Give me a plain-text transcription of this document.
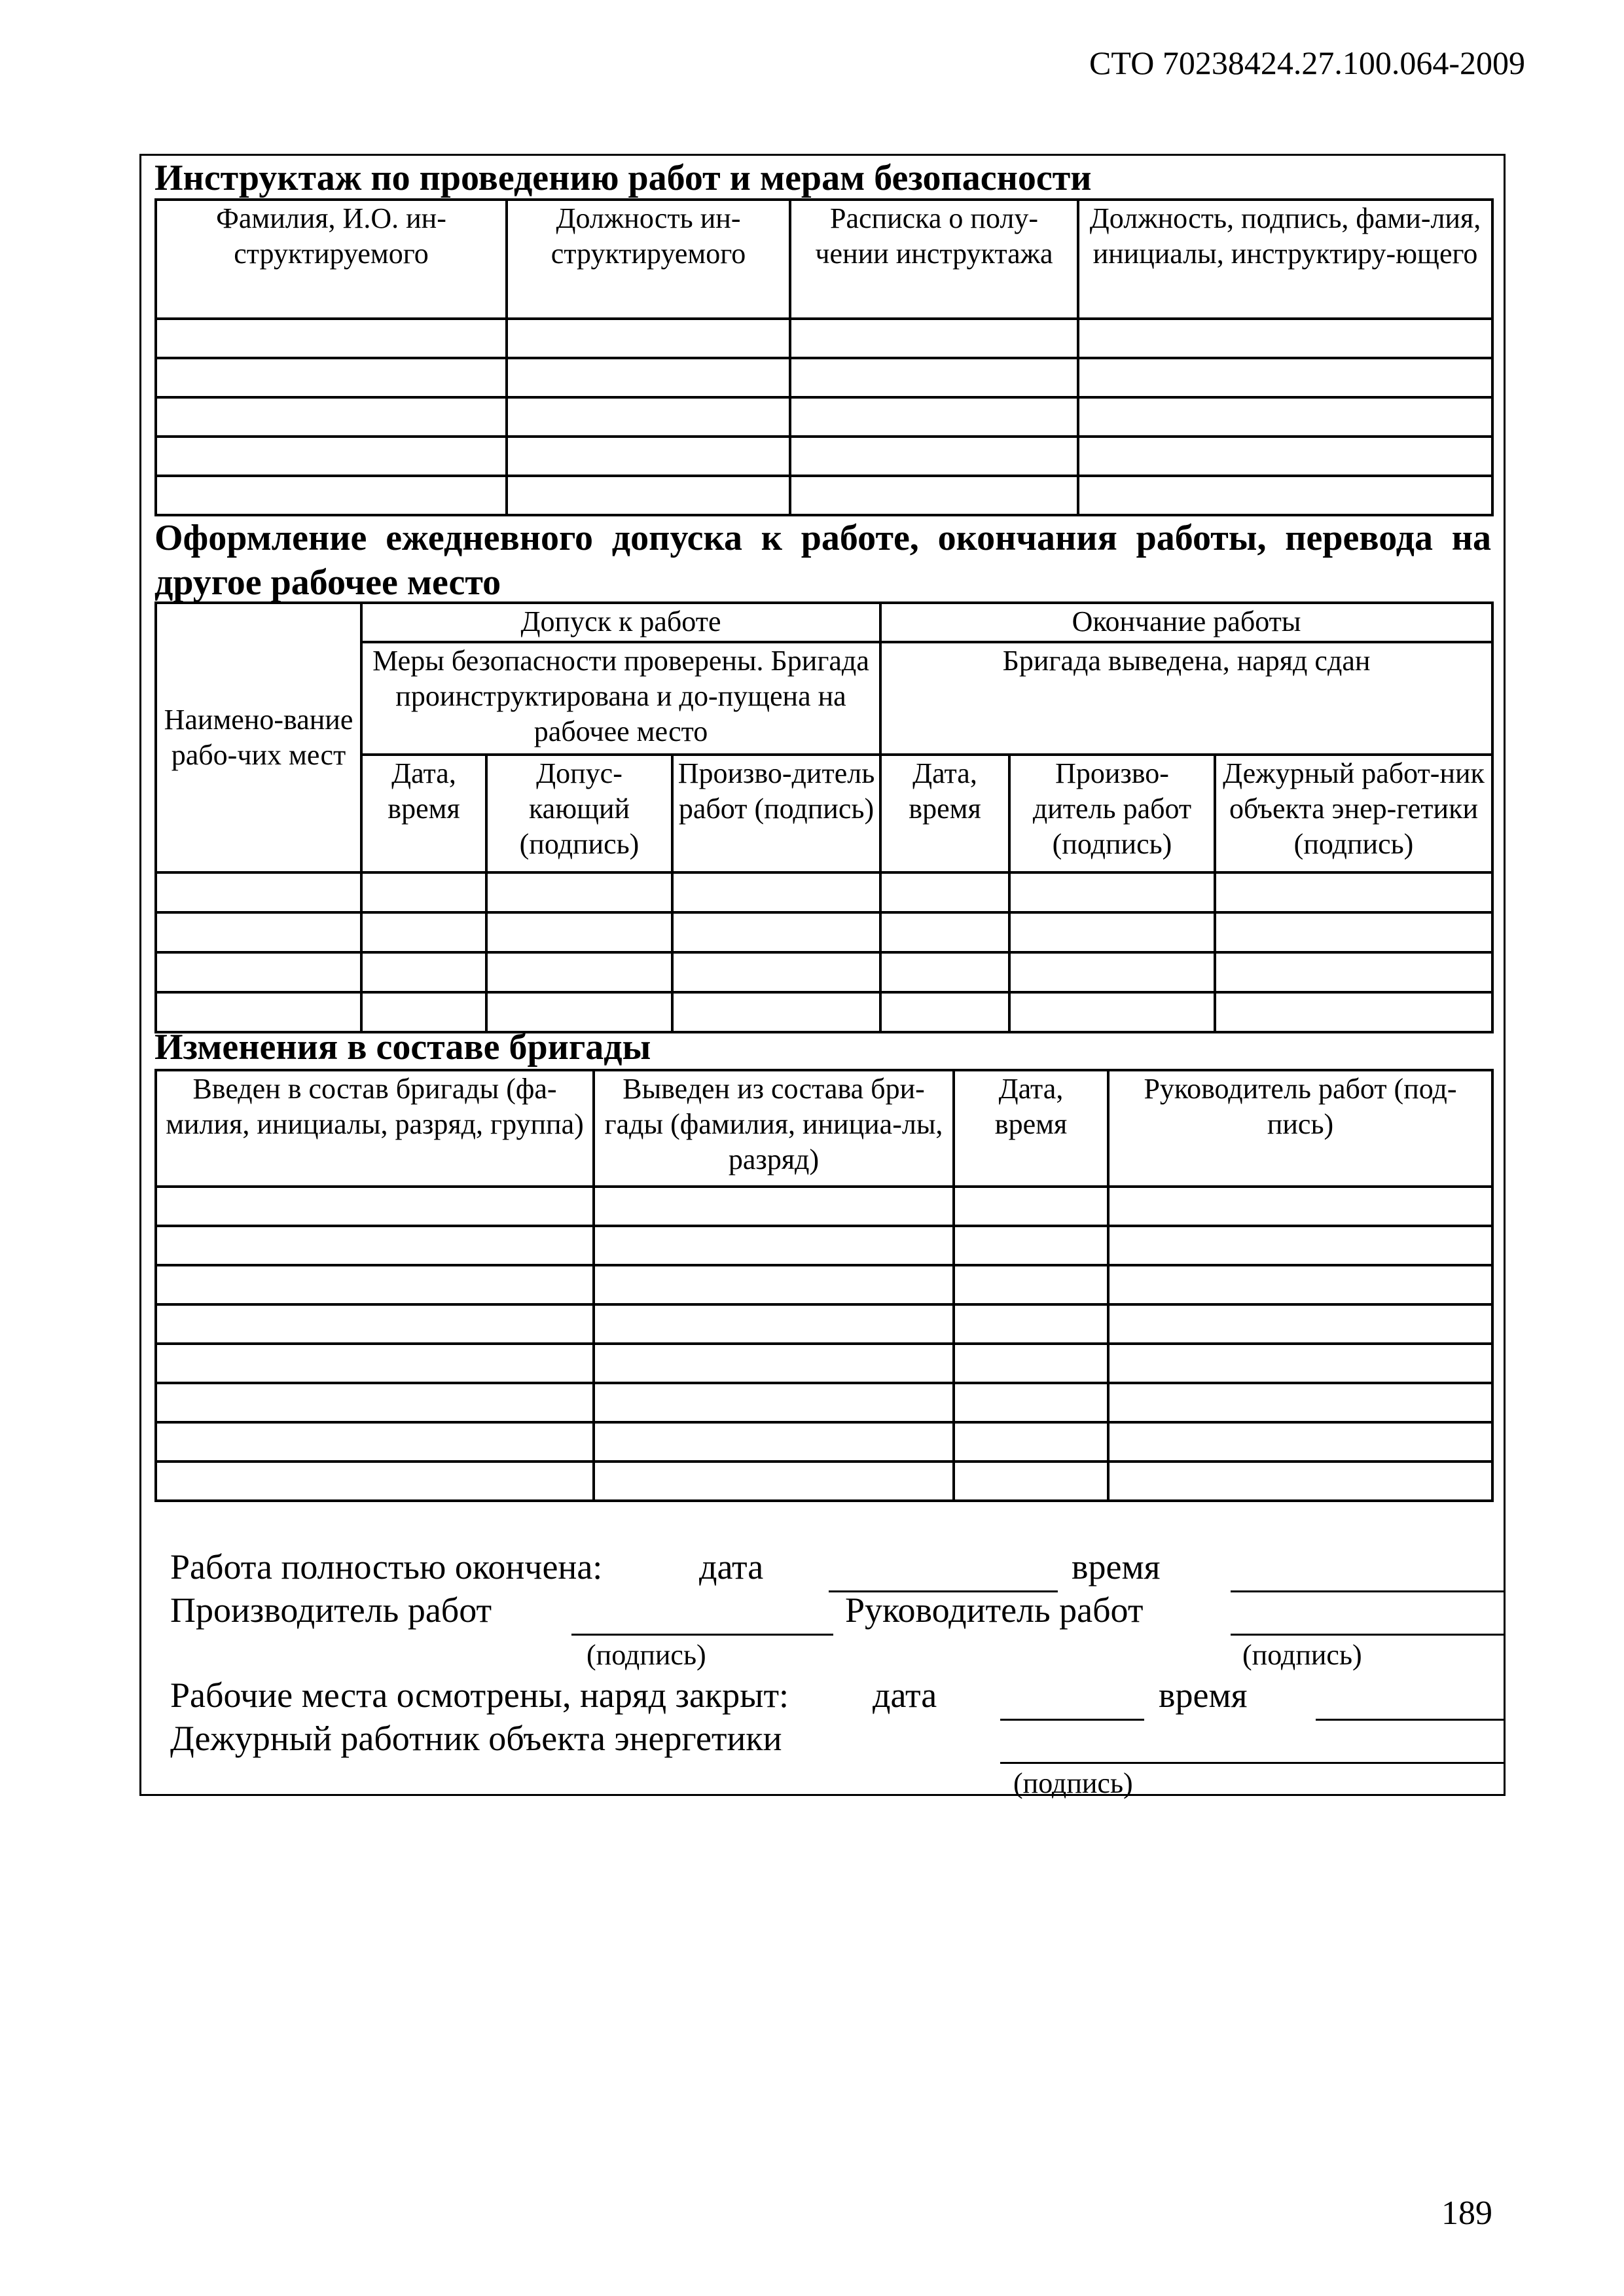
СТО 70238424.27.100.064-2009
Инструктаж по проведению работ и мерам безопасности
Фамилия, И.О. ин-структируемого	Должность ин-структируемого	Расписка о полу-чении инструктажа	Должность, подпись, фами-лия, инициалы, инструктиру-ющего

Оформление ежедневного допуска к работе, окончания работы, перевода на
другое рабочее место
Наимено-вание рабо-чих мест	Допуск к работе			Окончание работы		
	Меры безопасности проверены. Бригада проинструктирована и до-пущена на рабочее место			Бригада выведена, наряд сдан		
	Дата, время	Допус-кающий (подпись)	Произво-дитель работ (подпись)	Дата, время	Произво-дитель работ (подпись)	Дежурный работ-ник объекта энер-гетики (подпись)

Изменения в составе бригады
Введен в состав бригады (фа-милия, инициалы, разряд, группа)	Выведен из состава бри-гады (фамилия, инициа-лы, разряд)	Дата, время	Руководитель работ (под-пись)

Работа полностью окончена:	дата	время
Производитель работ
(подпись)
Руководитель работ
(подпись)
Рабочие места осмотрены, наряд закрыт: дата	время
Дежурный работник объекта энергетики
(подпись)
189
